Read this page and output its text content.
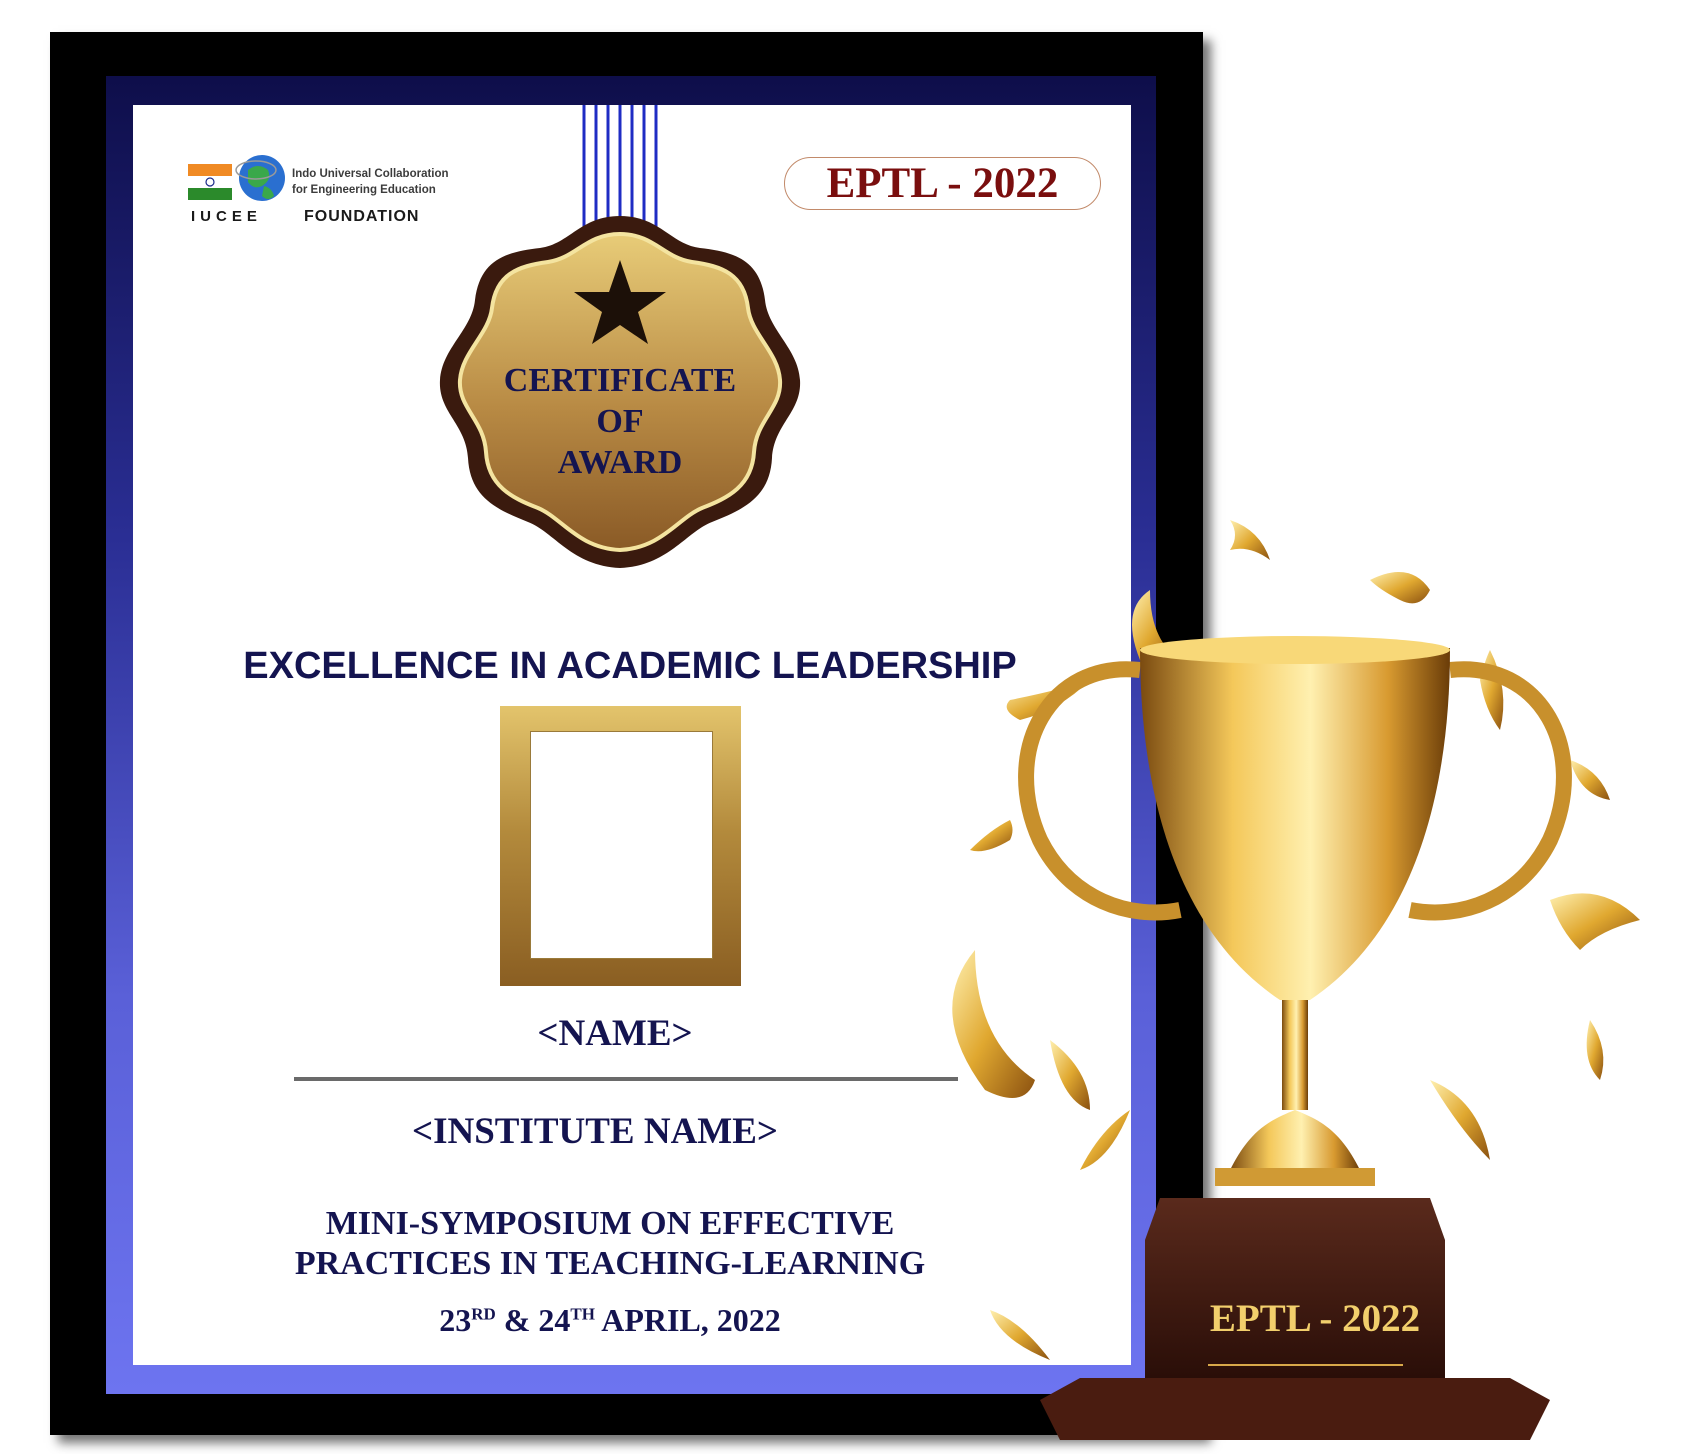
Indo Universal Collaboration
for Engineering Education
IUCEE	FOUNDATION
EPTL - 2022
CERTIFICATE
OF
AWARD
EXCELLENCE IN ACADEMIC LEADERSHIP
<NAME>
<INSTITUTE NAME>
MINI-SYMPOSIUM ON EFFECTIVE
PRACTICES IN TEACHING-LEARNING
23RD & 24TH APRIL, 2022	EPTL - 2022
